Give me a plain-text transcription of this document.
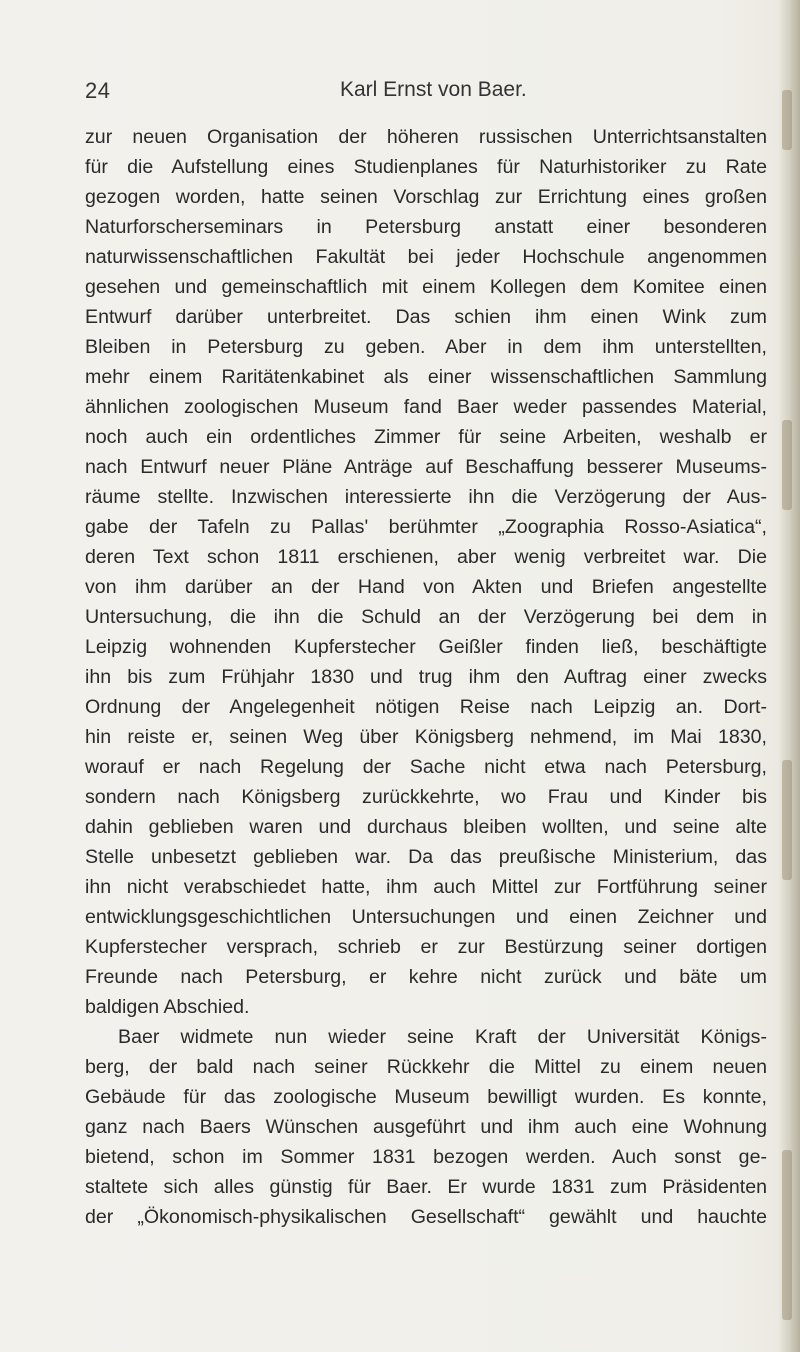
24	Karl Ernst von Baer.
zur neuen Organisation der höheren russischen Unterrichtsanstalten
für die Aufstellung eines Studienplanes für Naturhistoriker zu Rate
gezogen worden, hatte seinen Vorschlag zur Errichtung eines großen
Naturforscherseminars in Petersburg anstatt einer besonderen
naturwissenschaftlichen Fakultät bei jeder Hochschule angenommen
gesehen und gemeinschaftlich mit einem Kollegen dem Komitee einen
Entwurf darüber unterbreitet. Das schien ihm einen Wink zum
Bleiben in Petersburg zu geben. Aber in dem ihm unterstellten,
mehr einem Raritätenkabinet als einer wissenschaftlichen Sammlung
ähnlichen zoologischen Museum fand Baer weder passendes Material,
noch auch ein ordentliches Zimmer für seine Arbeiten, weshalb er
nach Entwurf neuer Pläne Anträge auf Beschaffung besserer Museums-
räume stellte. Inzwischen interessierte ihn die Verzögerung der Aus-
gabe der Tafeln zu Pallas' berühmter „Zoographia Rosso-Asiatica“,
deren Text schon 1811 erschienen, aber wenig verbreitet war. Die
von ihm darüber an der Hand von Akten und Briefen angestellte
Untersuchung, die ihn die Schuld an der Verzögerung bei dem in
Leipzig wohnenden Kupferstecher Geißler finden ließ, beschäftigte
ihn bis zum Frühjahr 1830 und trug ihm den Auftrag einer zwecks
Ordnung der Angelegenheit nötigen Reise nach Leipzig an. Dort-
hin reiste er, seinen Weg über Königsberg nehmend, im Mai 1830,
worauf er nach Regelung der Sache nicht etwa nach Petersburg,
sondern nach Königsberg zurückkehrte, wo Frau und Kinder bis
dahin geblieben waren und durchaus bleiben wollten, und seine alte
Stelle unbesetzt geblieben war. Da das preußische Ministerium, das
ihn nicht verabschiedet hatte, ihm auch Mittel zur Fortführung seiner
entwicklungsgeschichtlichen Untersuchungen und einen Zeichner und
Kupferstecher versprach, schrieb er zur Bestürzung seiner dortigen
Freunde nach Petersburg, er kehre nicht zurück und bäte um
baldigen Abschied.
Baer widmete nun wieder seine Kraft der Universität Königs-
berg, der bald nach seiner Rückkehr die Mittel zu einem neuen
Gebäude für das zoologische Museum bewilligt wurden. Es konnte,
ganz nach Baers Wünschen ausgeführt und ihm auch eine Wohnung
bietend, schon im Sommer 1831 bezogen werden. Auch sonst ge-
staltete sich alles günstig für Baer. Er wurde 1831 zum Präsidenten
der „Ökonomisch-physikalischen Gesellschaft“ gewählt und hauchte
